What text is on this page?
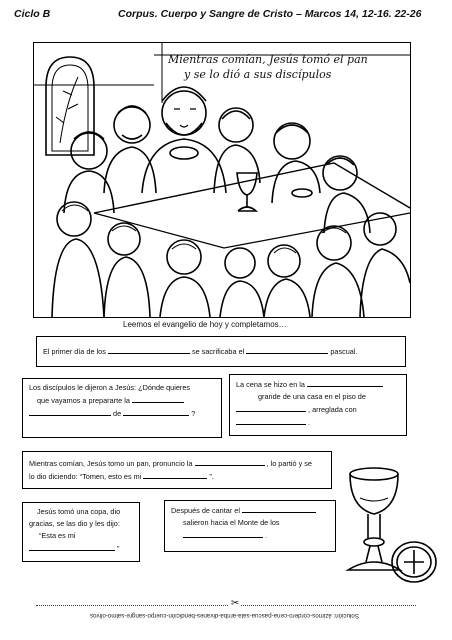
Ciclo B	Corpus. Cuerpo y Sangre de Cristo – Marcos 14, 12-16. 22-26
Mientras comían, Jesús tomó el pan
y se lo dió a sus discípulos
Leemos el evangelio de hoy y completamos…
El primer día de los	se sacrificaba el	pascual.
Los discípulos le dijeron a Jesús: ¿Dónde quieres
que vayamos a prepararte la
de	?
La cena se hizo en la
grande de una casa en el piso de
, arreglada con
.
Mientras comían, Jesús tomo un pan, pronuncio la	, lo partió y se
lo dio diciendo: “Tomen, esto es mi	”.
Jesús tomó una copa, dio
gracias, se las dio y les dijo:
“Esta es mi
”
Después de cantar el
salieron hacia el Monte de los
.
✂
Solución: ázimos-cordero-cena-pascua-sala-arriba-divanes-bendición-cuerpo-sangre-salmo-olivos
